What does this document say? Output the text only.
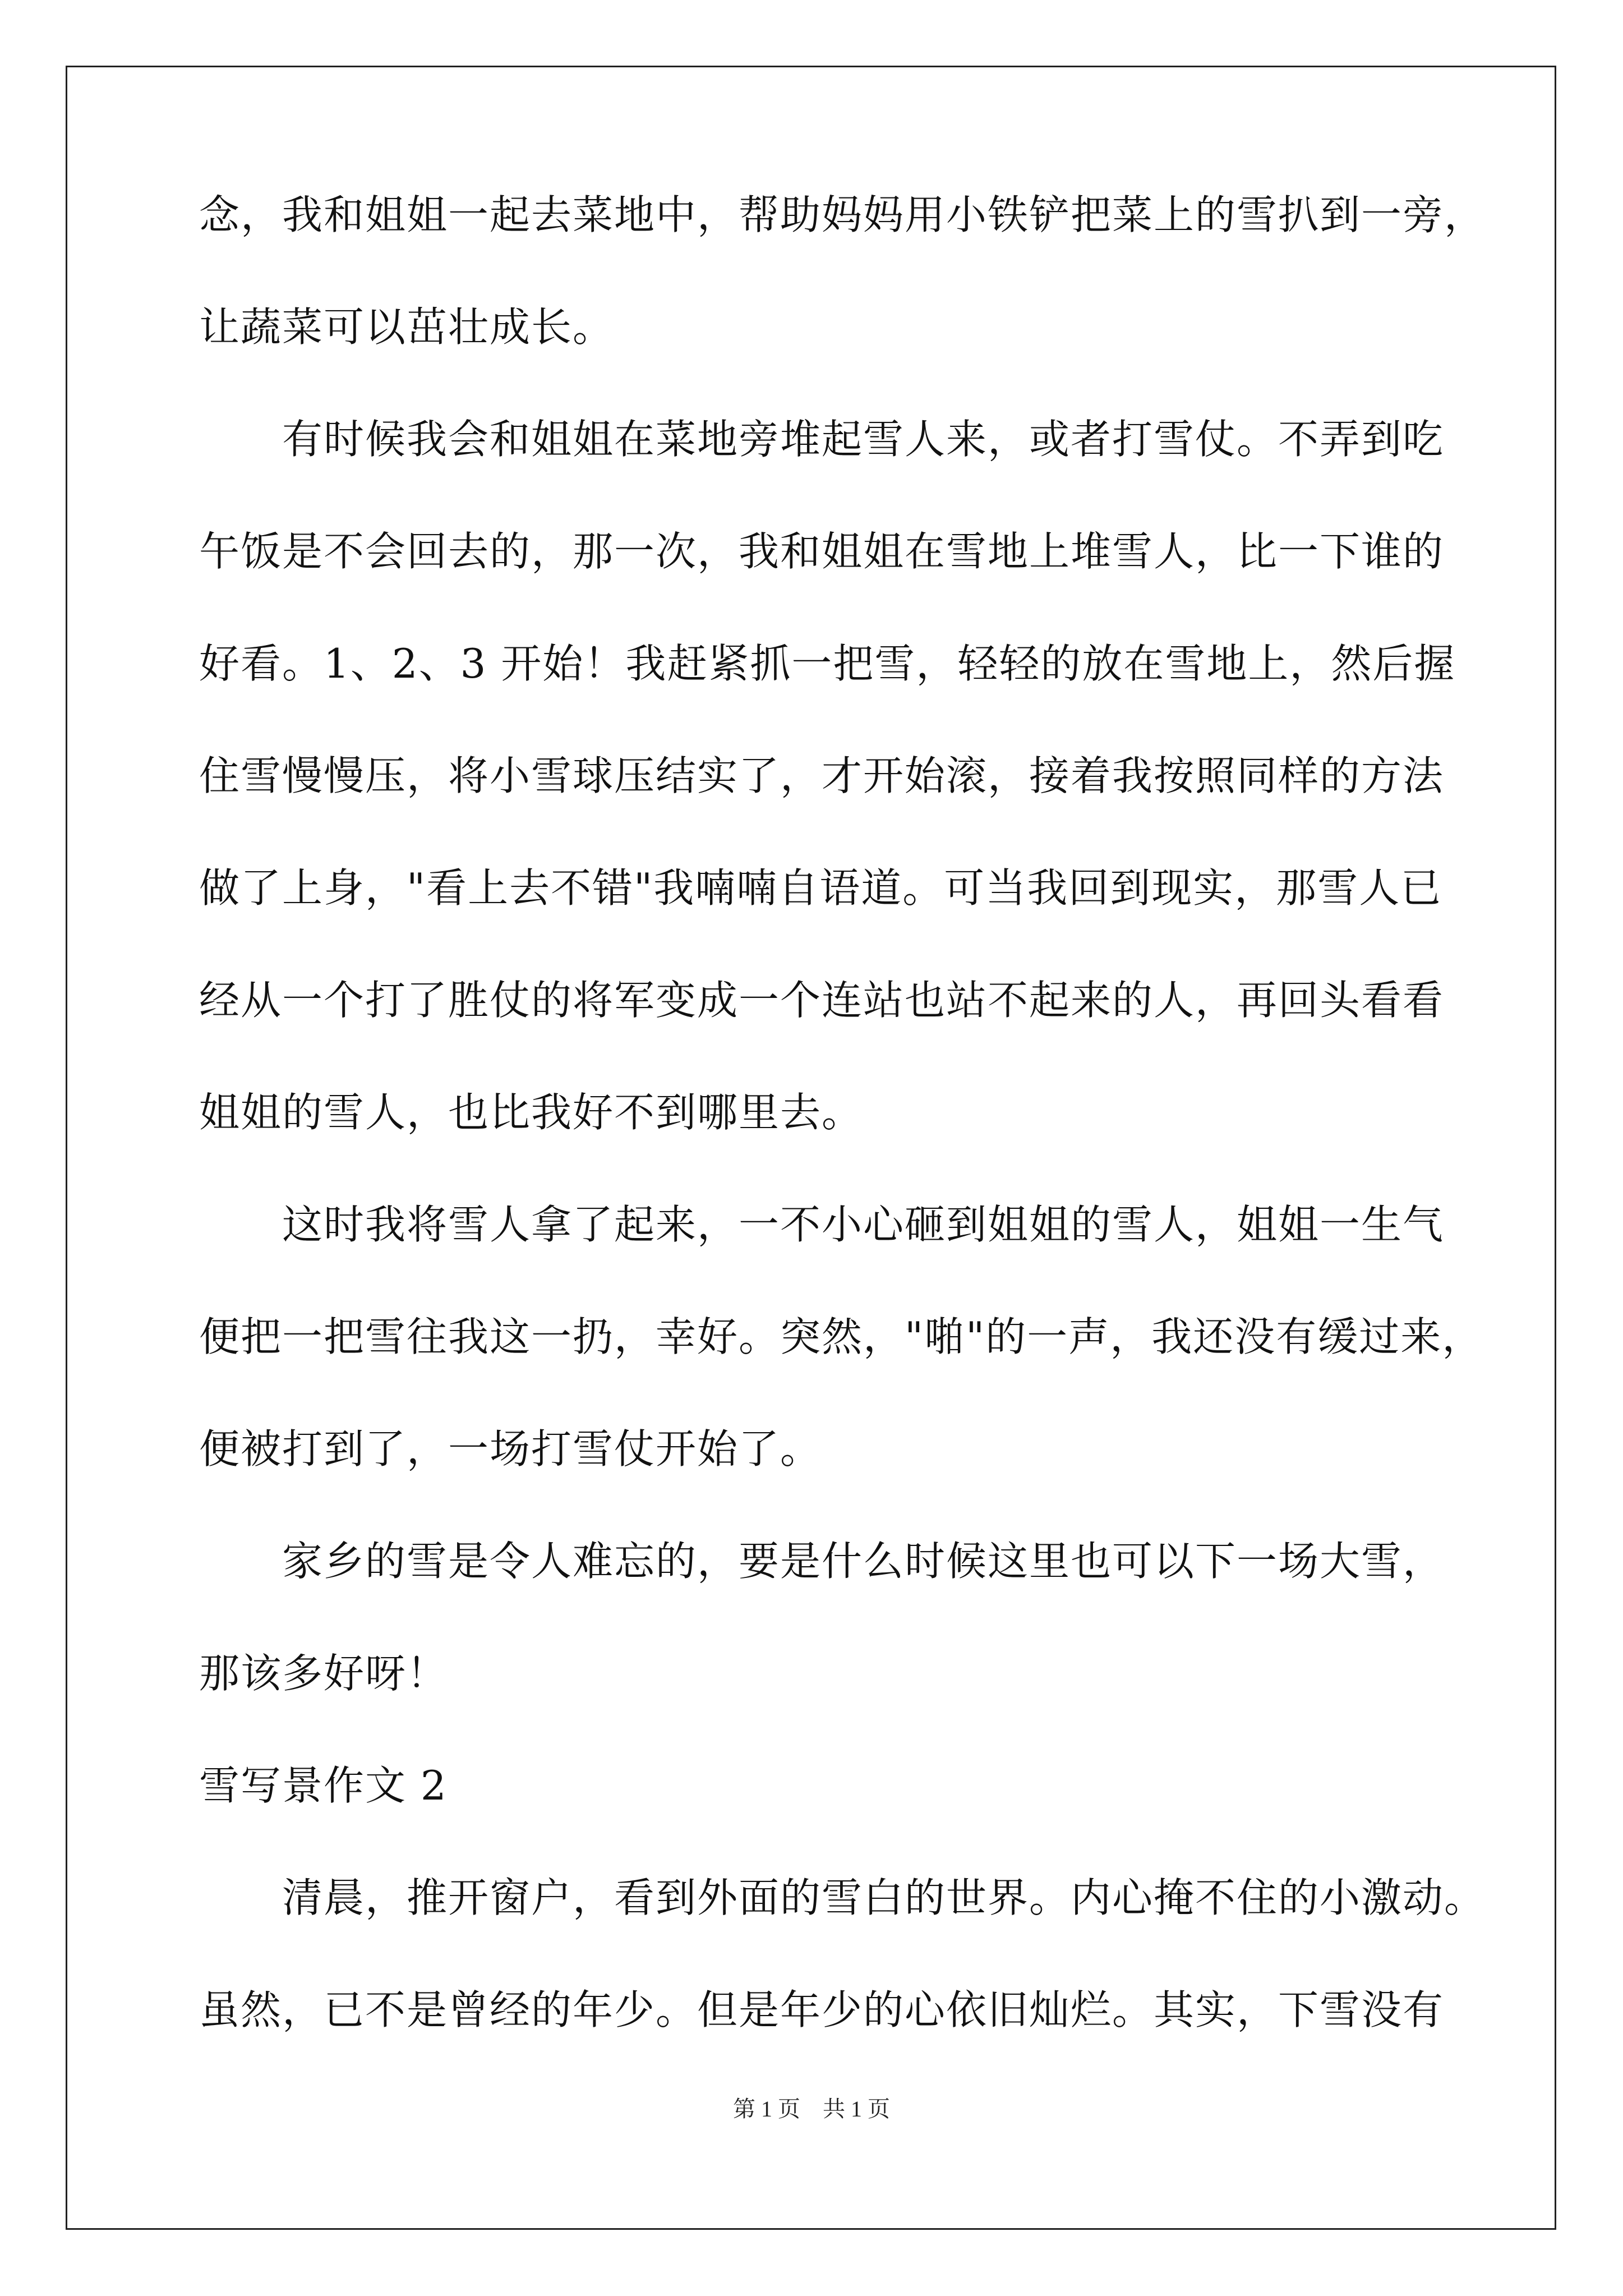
念，我和姐姐一起去菜地中，帮助妈妈用小铁铲把菜上的雪扒到一旁，

让蔬菜可以茁壮成长。

有时候我会和姐姐在菜地旁堆起雪人来，或者打雪仗。不弄到吃

午饭是不会回去的，那一次，我和姐姐在雪地上堆雪人，比一下谁的

好看。1、2、3 开始！我赶紧抓一把雪，轻轻的放在雪地上，然后握

住雪慢慢压，将小雪球压结实了，才开始滚，接着我按照同样的方法

做了上身，"看上去不错"我喃喃自语道。可当我回到现实，那雪人已

经从一个打了胜仗的将军变成一个连站也站不起来的人，再回头看看

姐姐的雪人，也比我好不到哪里去。

这时我将雪人拿了起来，一不小心砸到姐姐的雪人，姐姐一生气

便把一把雪往我这一扔，幸好。突然，"啪"的一声，我还没有缓过来，

便被打到了，一场打雪仗开始了。

家乡的雪是令人难忘的，要是什么时候这里也可以下一场大雪，

那该多好呀！

雪写景作文 2

清晨，推开窗户，看到外面的雪白的世界。内心掩不住的小激动。

虽然，已不是曾经的年少。但是年少的心依旧灿烂。其实，下雪没有

第 1 页　共 1 页
